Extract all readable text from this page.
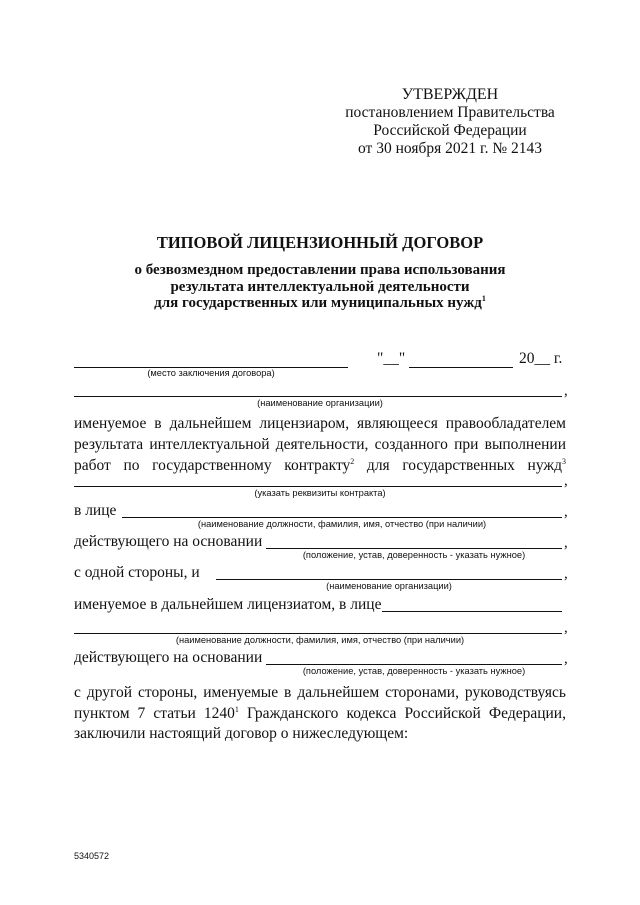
УТВЕРЖДЕН
постановлением Правительства
Российской Федерации
от 30 ноября 2021 г. № 2143
ТИПОВОЙ ЛИЦЕНЗИОННЫЙ ДОГОВОР
о безвозмездном предоставлении права использования
результата интеллектуальной деятельности
для государственных или муниципальных нужд$^1$
(место заключения договора)
"__"	20__ г.
,
(наименование организации)
именуемое в дальнейшем лицензиаром, являющееся правообладателем
результата интеллектуальной деятельности, созданного при выполнении
работ по государственному контракту$^2$ для государственных нужд$^3$
,
(указать реквизиты контракта)
в лице	,
(наименование должности, фамилия, имя, отчество (при наличии)
действующего на основании	,
(положение, устав, доверенность - указать нужное)
с одной стороны, и	,
(наименование организации)
именуемое в дальнейшем лицензиатом, в лице
,
(наименование должности, фамилия, имя, отчество (при наличии)
действующего на основании	,
(положение, устав, доверенность - указать нужное)
с другой стороны, именуемые в дальнейшем сторонами, руководствуясь
пунктом 7 статьи 1240$^1$ Гражданского кодекса Российской Федерации,
заключили настоящий договор о нижеследующем:
5340572
